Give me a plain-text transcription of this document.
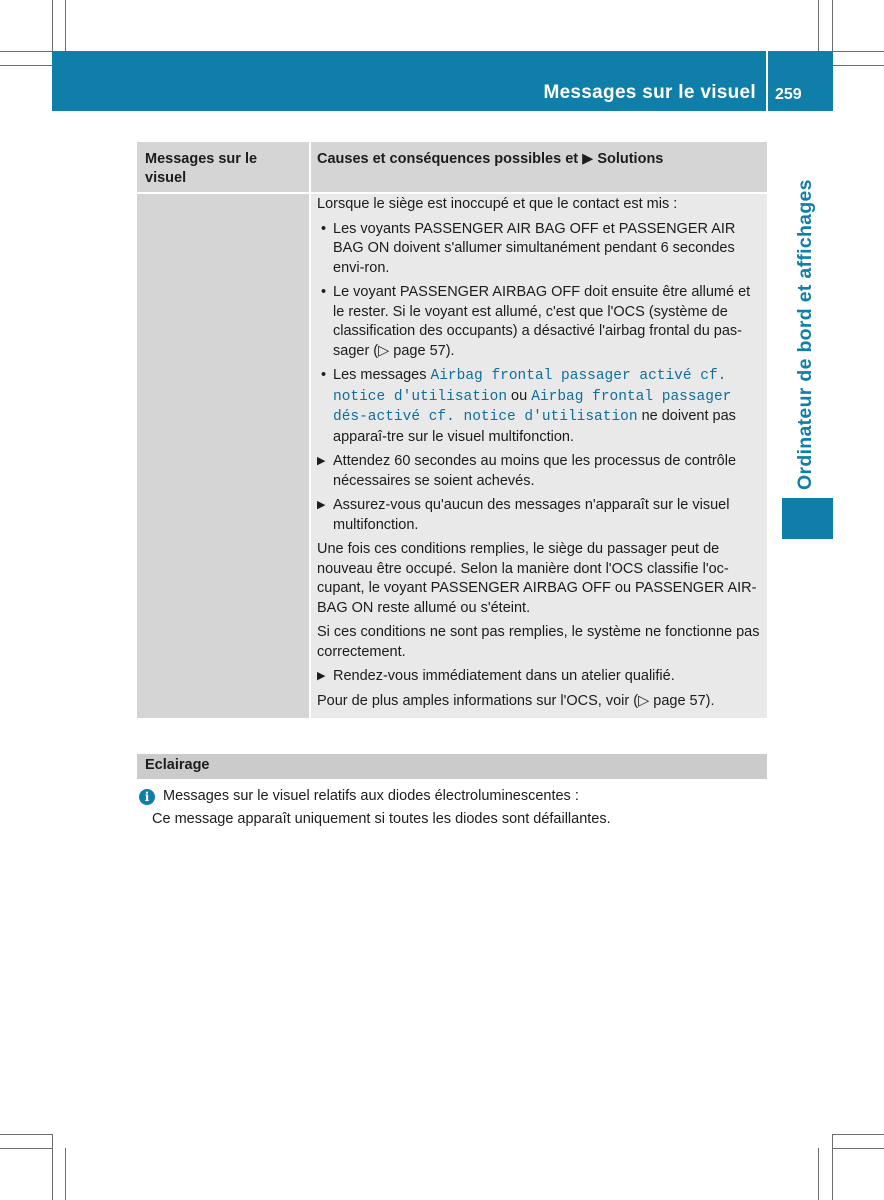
Messages sur le visuel 259
Ordinateur de bord et affichages
Messages sur le visuel
Causes et conséquences possibles et ▶ Solutions

Lorsque le siège est inoccupé et que le contact est mis :

• Les voyants PASSENGER AIR BAG OFF et PASSENGER AIR BAG ON doivent s'allumer simultanément pendant 6 secondes envi-ron.
• Le voyant PASSENGER AIRBAG OFF doit ensuite être allumé et le rester. Si le voyant est allumé, c'est que l'OCS (système de classification des occupants) a désactivé l'airbag frontal du pas-sager (▷ page 57).
• Les messages Airbag frontal passager activé cf. notice d'utilisation ou Airbag frontal passager dés-activé cf. notice d'utilisation ne doivent pas apparaî-tre sur le visuel multifonction.
▶ Attendez 60 secondes au moins que les processus de contrôle nécessaires se soient achevés.
▶ Assurez-vous qu'aucun des messages n'apparaît sur le visuel multifonction.

Une fois ces conditions remplies, le siège du passager peut de nouveau être occupé. Selon la manière dont l'OCS classifie l'oc-cupant, le voyant PASSENGER AIRBAG OFF ou PASSENGER AIR-BAG ON reste allumé ou s'éteint.

Si ces conditions ne sont pas remplies, le système ne fonctionne pas correctement.

▶ Rendez-vous immédiatement dans un atelier qualifié.

Pour de plus amples informations sur l'OCS, voir (▷ page 57).

Eclairage
i Messages sur le visuel relatifs aux diodes électroluminescentes :
Ce message apparaît uniquement si toutes les diodes sont défaillantes.
